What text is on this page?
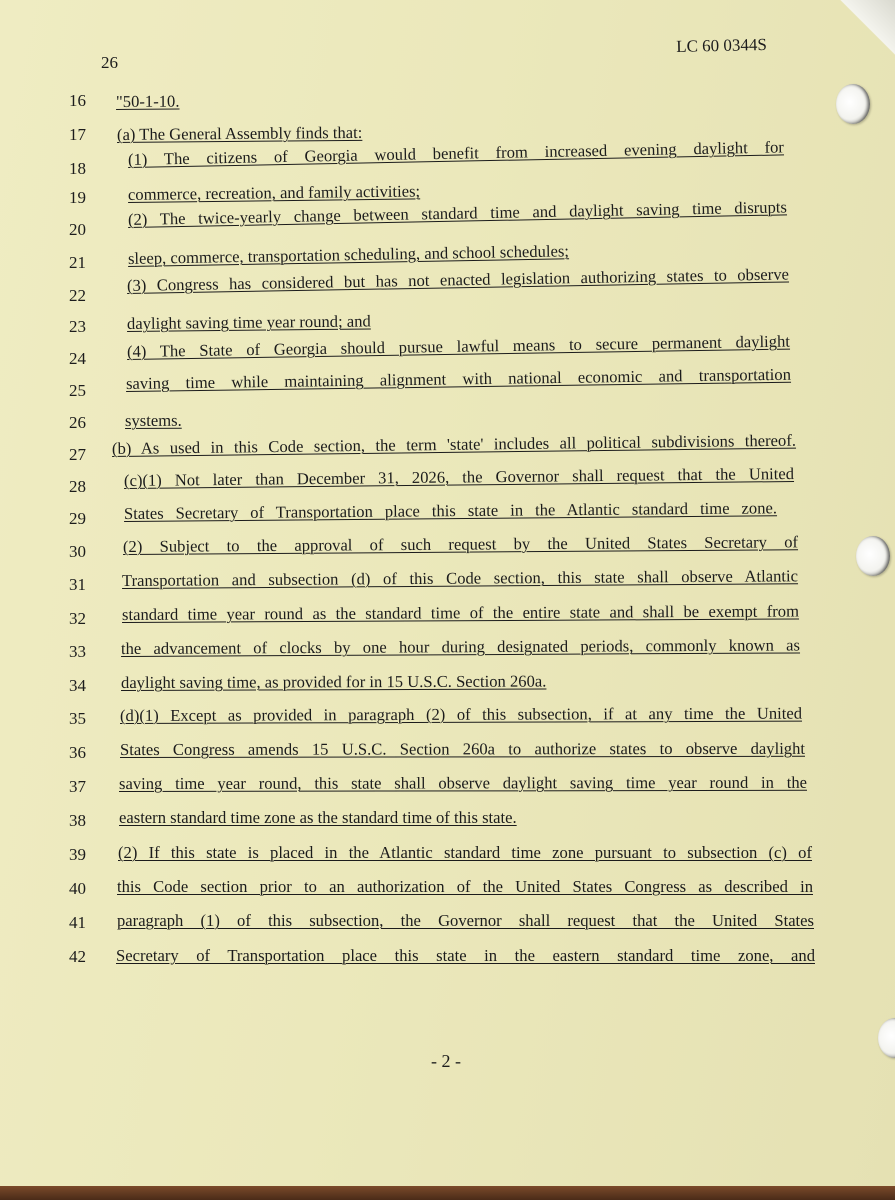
26
LC 60 0344S
16
17
18
19
20
21
22
23
24
25
26
27
28
29
30
31
32
33
34
35
36
37
38
39
40
41
42
"50-1-10.
(a) The General Assembly finds that:
(1) The citizens of Georgia would benefit from increased evening daylight for
commerce, recreation, and family activities;
(2) The twice-yearly change between standard time and daylight saving time disrupts
sleep, commerce, transportation scheduling, and school schedules;
(3) Congress has considered but has not enacted legislation authorizing states to observe
daylight saving time year round; and
(4) The State of Georgia should pursue lawful means to secure permanent daylight
saving time while maintaining alignment with national economic and transportation
systems.
(b) As used in this Code section, the term 'state' includes all political subdivisions thereof.
(c)(1) Not later than December 31, 2026, the Governor shall request that the United
States Secretary of Transportation place this state in the Atlantic standard time zone.
(2) Subject to the approval of such request by the United States Secretary of
Transportation and subsection (d) of this Code section, this state shall observe Atlantic
standard time year round as the standard time of the entire state and shall be exempt from
the advancement of clocks by one hour during designated periods, commonly known as
daylight saving time, as provided for in 15 U.S.C. Section 260a.
(d)(1) Except as provided in paragraph (2) of this subsection, if at any time the United
States Congress amends 15 U.S.C. Section 260a to authorize states to observe daylight
saving time year round, this state shall observe daylight saving time year round in the
eastern standard time zone as the standard time of this state.
(2) If this state is placed in the Atlantic standard time zone pursuant to subsection (c) of
this Code section prior to an authorization of the United States Congress as described in
paragraph (1) of this subsection, the Governor shall request that the United States
Secretary of Transportation place this state in the eastern standard time zone, and
- 2 -
